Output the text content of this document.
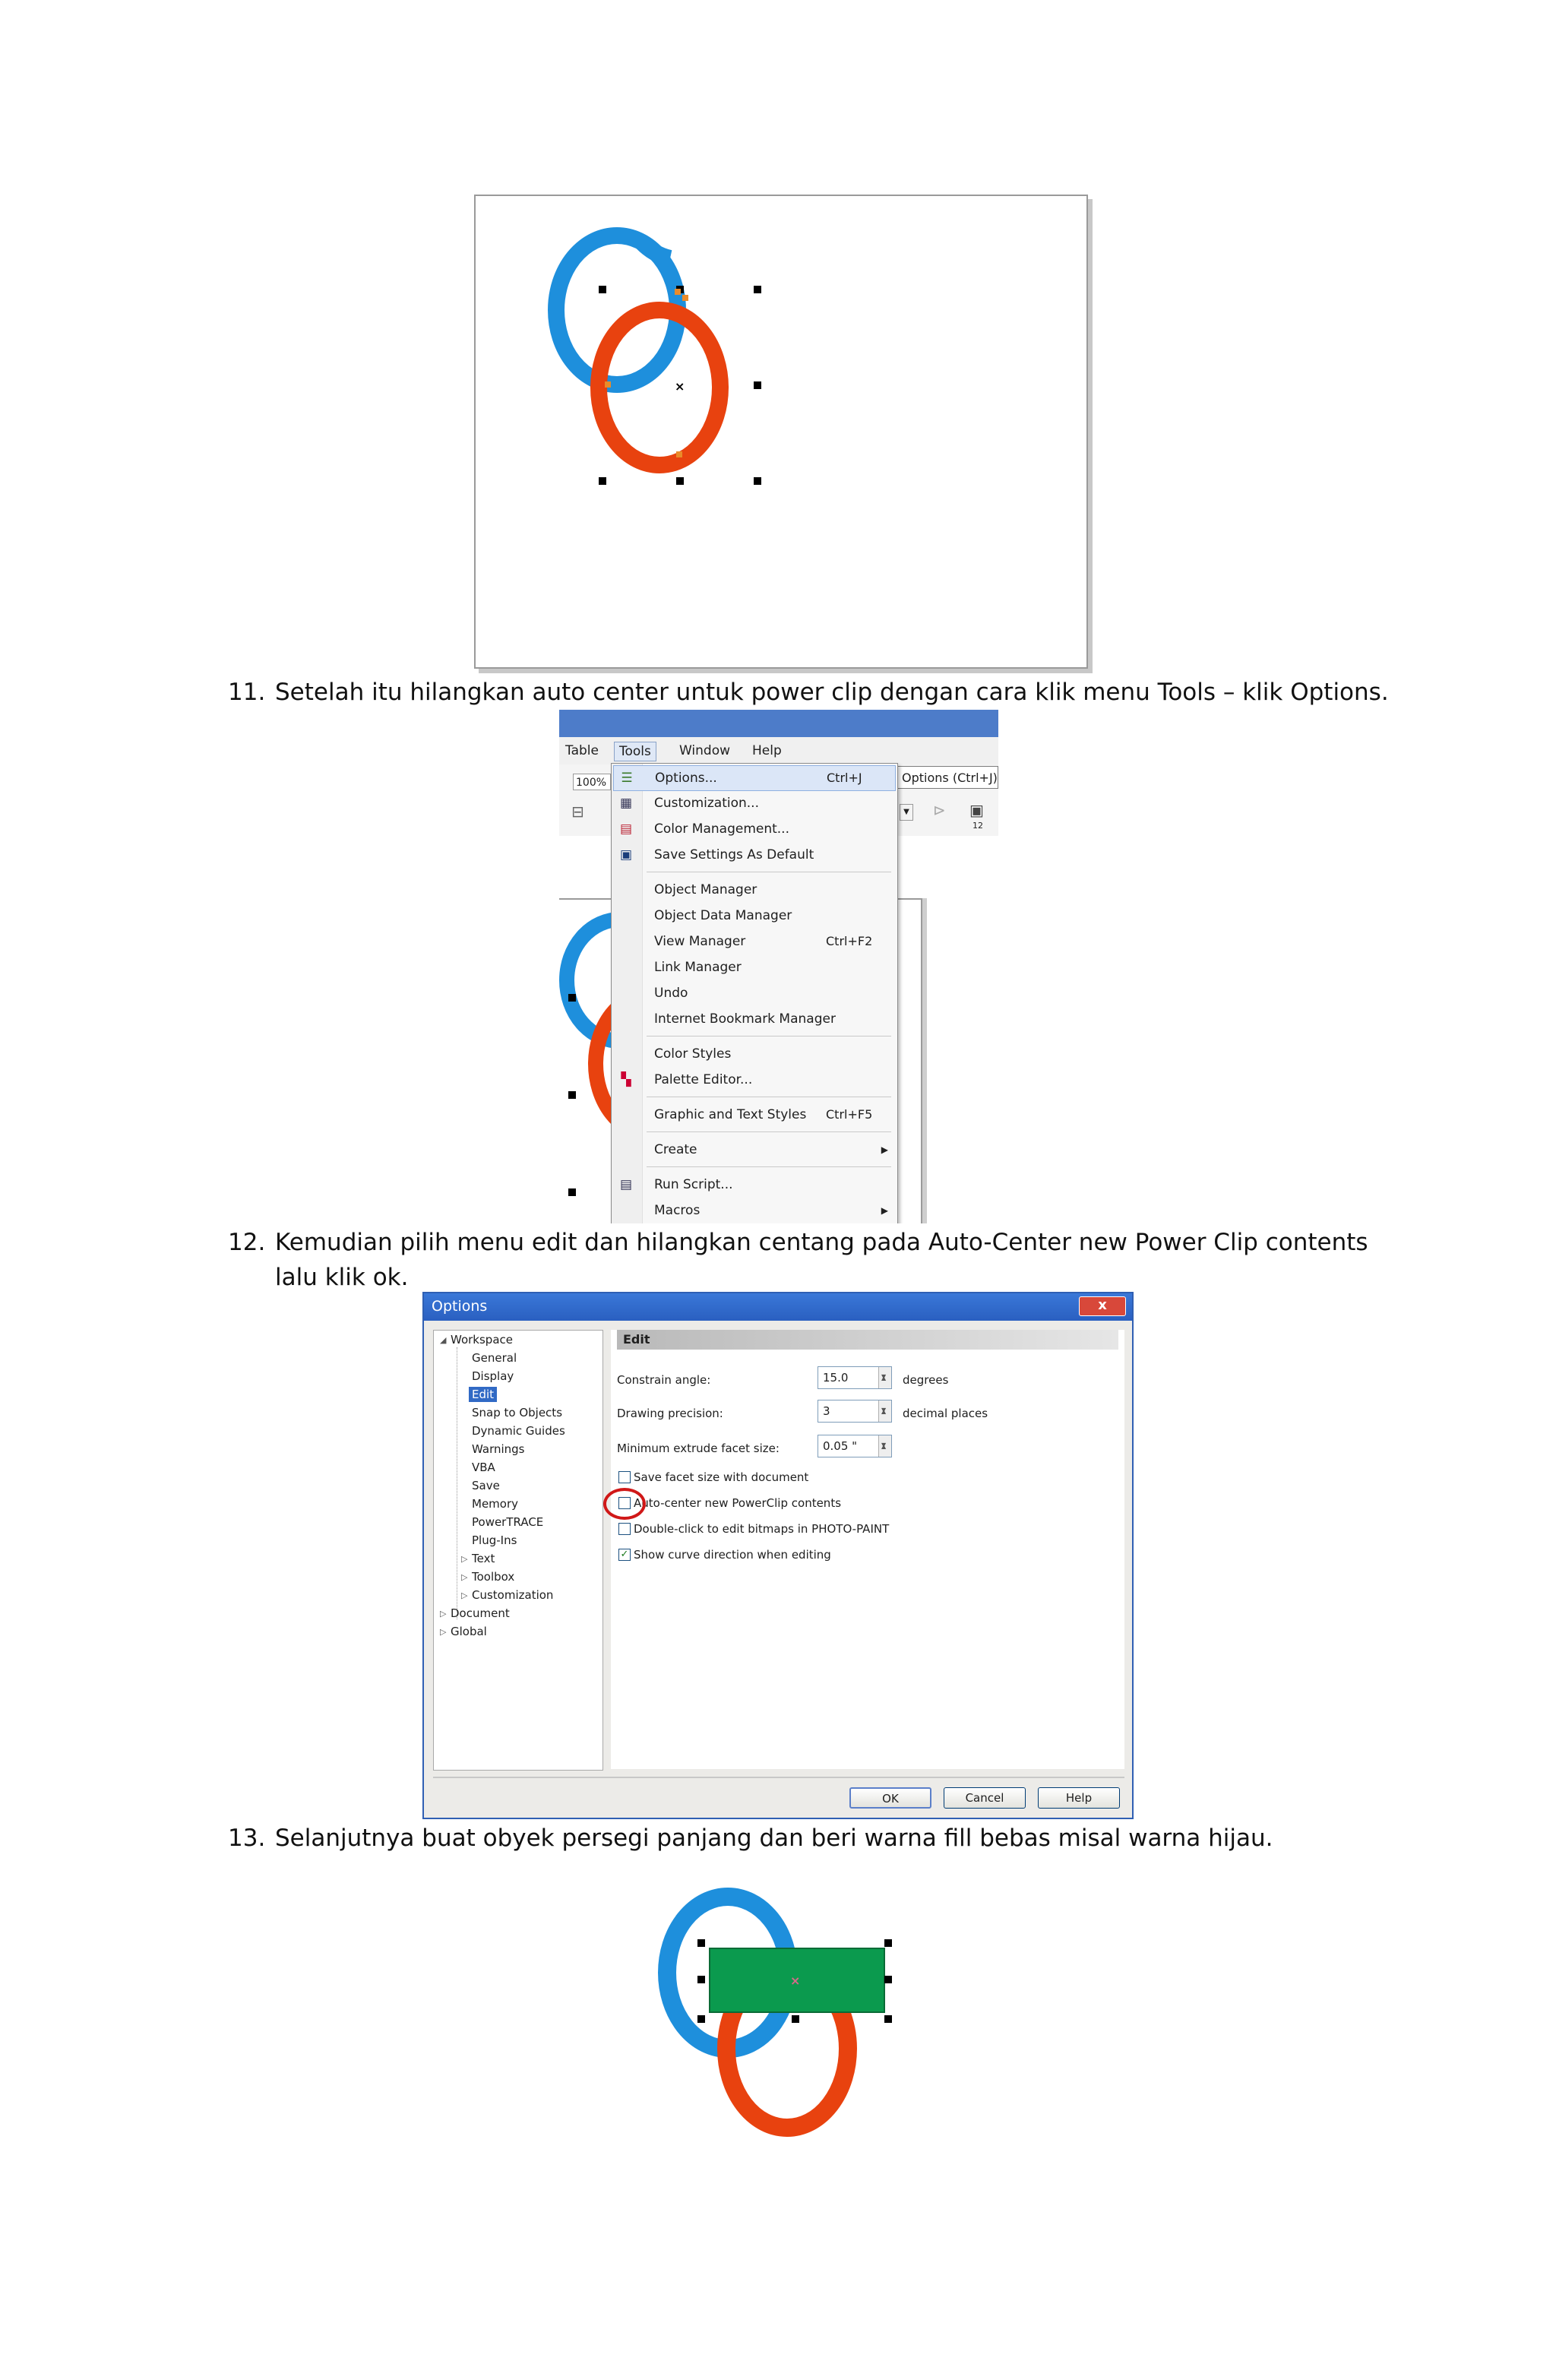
×
11. Setelah itu hilangkan auto center untuk power clip dengan cara klik menu Tools – klik Options.
Table	Tools	Window	Help
100%
⊟	▼ ⊳ ▣
12
Options (Ctrl+J)
☰ Options...	Ctrl+J
▦ Customization...
▤ Color Management...
▣ Save Settings As Default
Object Manager
Object Data Manager
View Manager	Ctrl+F2
Link Manager
Undo
Internet Bookmark Manager
Color Styles
▚ Palette Editor...
Graphic and Text Styles Ctrl+F5
Create	▶
▤ Run Script...
Macros	▶
12. Kemudian pilih menu edit dan hilangkan centang pada Auto-Center new Power Clip contents
lalu klik ok.
Options	x
◢ Workspace
General
Display
Edit
Snap to Objects
Dynamic Guides
Warnings
VBA
Save
Memory
PowerTRACE
Plug-Ins
▷ Text
▷ Toolbox
▷ Customization
▷ Document
▷ Global
Edit
Constrain angle:	15.0 ▲ ▼	degrees
Drawing precision:	3 ▲ ▼	decimal places
Minimum extrude facet size:	0.05 "
▲ ▼
Save facet size with document
Auto-center new PowerClip contents
Double-click to edit bitmaps in PHOTO-PAINT
✓ Show curve direction when editing
OK	Cancel	Help
13. Selanjutnya buat obyek persegi panjang dan beri warna fill bebas misal warna hijau.
×
